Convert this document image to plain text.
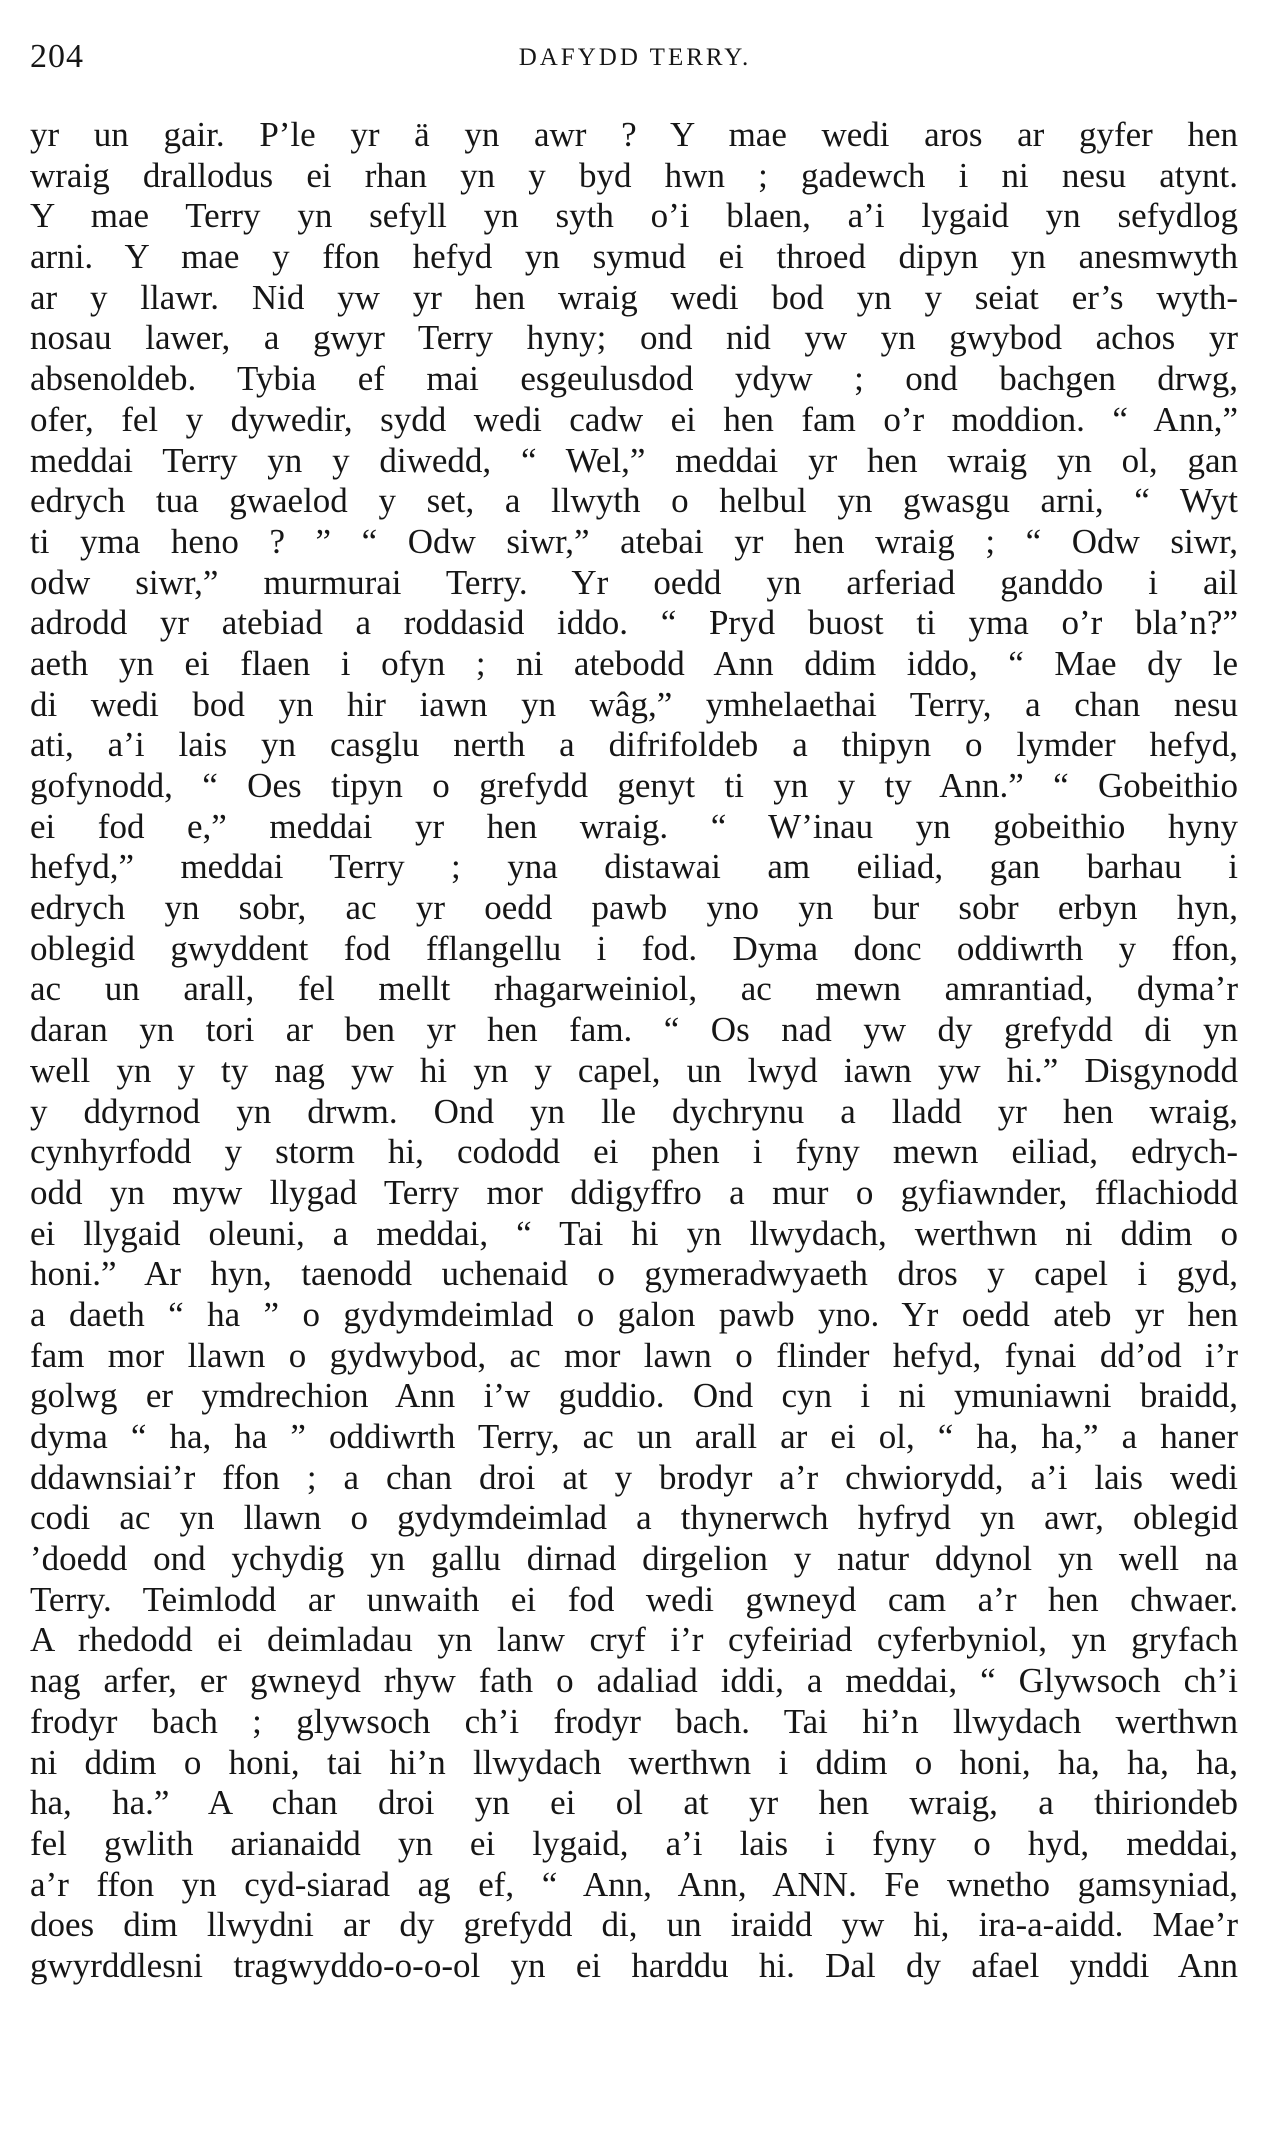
204	DAFYDD TERRY.
yr un gair. P’le yr ä yn awr ? Y mae wedi aros ar gyfer hen
wraig drallodus ei rhan yn y byd hwn ; gadewch i ni nesu atynt.
Y mae Terry yn sefyll yn syth o’i blaen, a’i lygaid yn sefydlog
arni. Y mae y ffon hefyd yn symud ei throed dipyn yn anesmwyth
ar y llawr. Nid yw yr hen wraig wedi bod yn y seiat er’s wyth-
nosau lawer, a gwyr Terry hyny; ond nid yw yn gwybod achos yr
absenoldeb. Tybia ef mai esgeulusdod ydyw ; ond bachgen drwg,
ofer, fel y dywedir, sydd wedi cadw ei hen fam o’r moddion. “ Ann,”
meddai Terry yn y diwedd, “ Wel,” meddai yr hen wraig yn ol, gan
edrych tua gwaelod y set, a llwyth o helbul yn gwasgu arni, “ Wyt
ti yma heno ? ” “ Odw siwr,” atebai yr hen wraig ; “ Odw siwr,
odw siwr,” murmurai Terry. Yr oedd yn arferiad ganddo i ail
adrodd yr atebiad a roddasid iddo. “ Pryd buost ti yma o’r bla’n?”
aeth yn ei flaen i ofyn ; ni atebodd Ann ddim iddo, “ Mae dy le
di wedi bod yn hir iawn yn wâg,” ymhelaethai Terry, a chan nesu
ati, a’i lais yn casglu nerth a difrifoldeb a thipyn o lymder hefyd,
gofynodd, “ Oes tipyn o grefydd genyt ti yn y ty Ann.” “ Gobeithio
ei fod e,” meddai yr hen wraig. “ W’inau yn gobeithio hyny
hefyd,” meddai Terry ; yna distawai am eiliad, gan barhau i
edrych yn sobr, ac yr oedd pawb yno yn bur sobr erbyn hyn,
oblegid gwyddent fod fflangellu i fod. Dyma donc oddiwrth y ffon,
ac un arall, fel mellt rhagarweiniol, ac mewn amrantiad, dyma’r
daran yn tori ar ben yr hen fam. “ Os nad yw dy grefydd di yn
well yn y ty nag yw hi yn y capel, un lwyd iawn yw hi.” Disgynodd
y ddyrnod yn drwm. Ond yn lle dychrynu a lladd yr hen wraig,
cynhyrfodd y storm hi, cododd ei phen i fyny mewn eiliad, edrych-
odd yn myw llygad Terry mor ddigyffro a mur o gyfiawnder, fflachiodd
ei llygaid oleuni, a meddai, “ Tai hi yn llwydach, werthwn ni ddim o
honi.” Ar hyn, taenodd uchenaid o gymeradwyaeth dros y capel i gyd,
a daeth “ ha ” o gydymdeimlad o galon pawb yno. Yr oedd ateb yr hen
fam mor llawn o gydwybod, ac mor lawn o flinder hefyd, fynai dd’od i’r
golwg er ymdrechion Ann i’w guddio. Ond cyn i ni ymuniawni braidd,
dyma “ ha, ha ” oddiwrth Terry, ac un arall ar ei ol, “ ha, ha,” a haner
ddawnsiai’r ffon ; a chan droi at y brodyr a’r chwiorydd, a’i lais wedi
codi ac yn llawn o gydymdeimlad a thynerwch hyfryd yn awr, oblegid
’doedd ond ychydig yn gallu dirnad dirgelion y natur ddynol yn well na
Terry. Teimlodd ar unwaith ei fod wedi gwneyd cam a’r hen chwaer.
A rhedodd ei deimladau yn lanw cryf i’r cyfeiriad cyferbyniol, yn gryfach
nag arfer, er gwneyd rhyw fath o adaliad iddi, a meddai, “ Glywsoch ch’i
frodyr bach ; glywsoch ch’i frodyr bach. Tai hi’n llwydach werthwn
ni ddim o honi, tai hi’n llwydach werthwn i ddim o honi, ha, ha, ha,
ha, ha.” A chan droi yn ei ol at yr hen wraig, a thiriondeb
fel gwlith arianaidd yn ei lygaid, a’i lais i fyny o hyd, meddai,
a’r ffon yn cyd-siarad ag ef, “ Ann, Ann, ANN. Fe wnetho gamsyniad,
does dim llwydni ar dy grefydd di, un iraidd yw hi, ira-a-aidd. Mae’r
gwyrddlesni tragwyddo-o-o-ol yn ei harddu hi. Dal dy afael ynddi Ann
